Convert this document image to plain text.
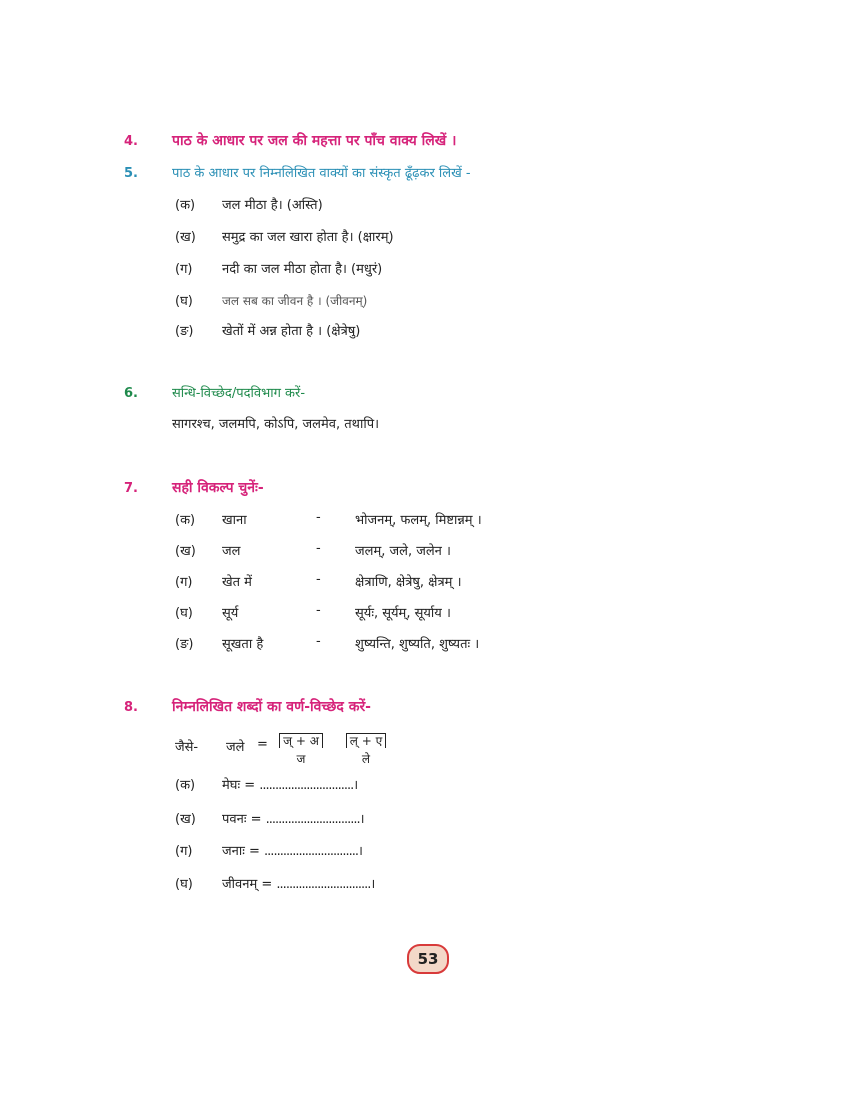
4. पाठ के आधार पर जल की महत्ता पर पाँच वाक्य लिखें ।
5.	पाठ के आधार पर निम्नलिखित वाक्यों का संस्कृत ढूँढ़कर लिखें -
(क) जल मीठा है। (अस्ति)
(ख) समुद्र का जल खारा होता है। (क्षारम्)
(ग) नदी का जल मीठा होता है। (मधुरं)
(घ) जल सब का जीवन है । (जीवनम्)
(ङ) खेतों में अन्न होता है । (क्षेत्रेषु)
6.	सन्धि-विच्छेद/पदविभाग करें-
सागरश्च, जलमपि, कोऽपि, जलमेव, तथापि।
7. सही विकल्प चुनेंः-
(क) खाना	-	भोजनम्, फलम्, मिष्टान्नम् ।
(ख) जल	-	जलम्, जले, जलेन ।
(ग) खेत में	-	क्षेत्राणि, क्षेत्रेषु, क्षेत्रम् ।
(घ) सूर्य	-	सूर्यः, सूर्यम्, सूर्याय ।
(ङ) सूखता है	-	शुष्यन्ति, शुष्यति, शुष्यतः ।
8. निम्नलिखित शब्दों का वर्ण-विच्छेद करें-
जैसे- जले =	ज् + अ
ज
ल् + ए
ले
(क) मेघः = ..............................।
(ख) पवनः = ..............................।
(ग) जनाः = ..............................।
(घ) जीवनम् = ..............................।
53
